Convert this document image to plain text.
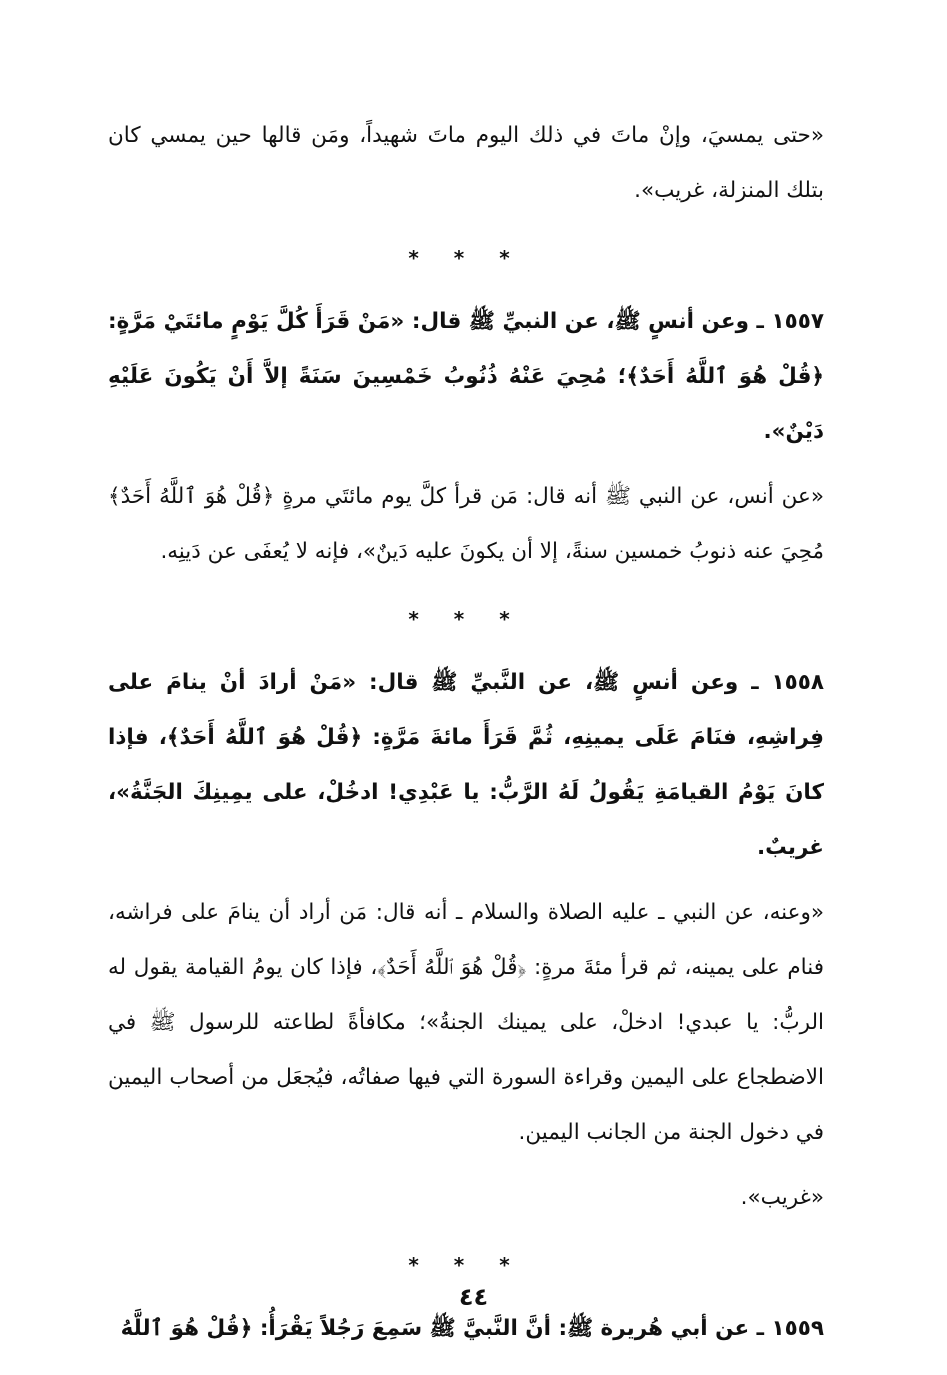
«حتى يمسيَ، وإنْ ماتَ في ذلك اليوم ماتَ شهيداً، ومَن قالها حين يمسي كان بتلك المنزلة، غريب».

* * *

١٥٥٧ ـ وعن أنسٍ ﷺ، عن النبيِّ ﷺ قال: «مَنْ قَرَأَ كُلَّ يَوْمٍ مائتَيْ مَرَّةٍ: ﴿قُلْ هُوَ ٱللَّهُ أَحَدٌ﴾؛ مُحِيَ عَنْهُ ذُنُوبُ خَمْسِينَ سَنَةً إلاَّ أَنْ يَكُونَ عَلَيْهِ دَيْنٌ».

«عن أنس، عن النبي ﷺ أنه قال: مَن قرأ كلَّ يوم مائتَي مرةٍ ﴿قُلْ هُوَ ٱللَّهُ أَحَدٌ﴾ مُحِيَ عنه ذنوبُ خمسين سنةً، إلا أن يكونَ عليه دَينٌ»، فإنه لا يُعفَى عن دَينِه.

* * *

١٥٥٨ ـ وعن أنسٍ ﷺ، عن النَّبيِّ ﷺ قال: «مَنْ أرادَ أنْ ينامَ على فِراشِهِ، فنَامَ عَلَى يمينِهِ، ثُمَّ قَرَأَ مائةَ مَرَّةٍ: ﴿قُلْ هُوَ ٱللَّهُ أَحَدٌ﴾، فإذا كانَ يَوْمُ القيامَةِ يَقُولُ لَهُ الرَّبُّ: يا عَبْدِي! ادخُلْ، على يمِينِكَ الجَنَّةُ»، غريبٌ.

«وعنه، عن النبي ـ عليه الصلاة والسلام ـ أنه قال: مَن أراد أن ينامَ على فراشه، فنام على يمينه، ثم قرأ مئةَ مرةٍ: ﴿قُلْ هُوَ ٱللَّهُ أَحَدٌ﴾، فإذا كان يومُ القيامة يقول له الربُّ: يا عبدي! ادخلْ، على يمينك الجنةُ»؛ مكافأةً لطاعته للرسول ﷺ في الاضطجاع على اليمين وقراءة السورة التي فيها صفاتُه، فيُجعَل من أصحاب اليمين في دخول الجنة من الجانب اليمين.

«غريب».

* * *

١٥٥٩ ـ عن أبي هُريرة ﷺ: أنَّ النَّبيَّ ﷺ سَمِعَ رَجُلاً يَقْرَأُ: ﴿قُلْ هُوَ ٱللَّهُ

٤٤
